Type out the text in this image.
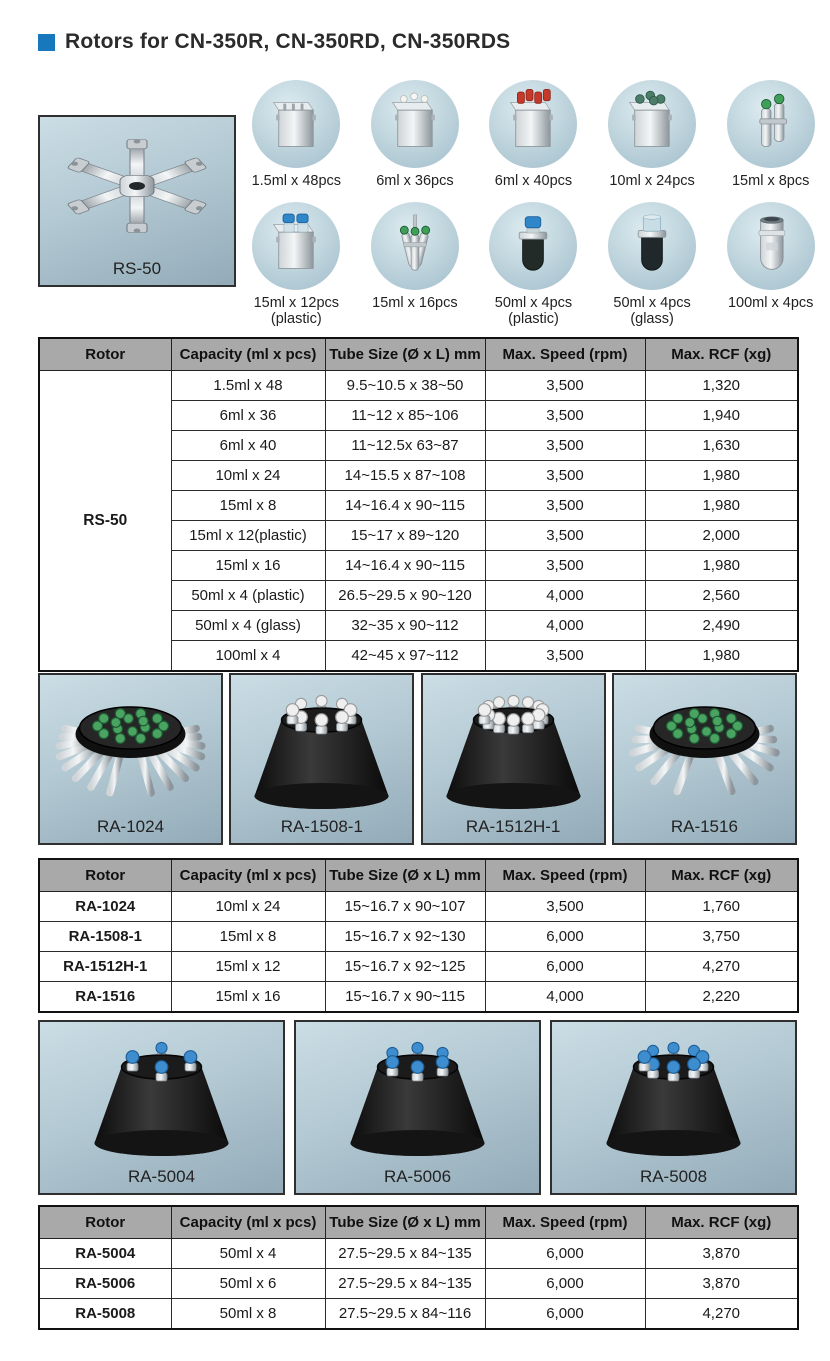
Rotors for CN-350R, CN-350RD, CN-350RDS
RS-50
1.5ml x 48pcs 6ml x 36pcs	6ml x 40pcs	10ml x 24pcs	15ml x 8pcs
15ml x 12pcs
(plastic)
15ml x 16pcs	50ml x 4pcs
(plastic)
50ml x 4pcs
(glass)
100ml x 4pcs
Rotor	Capacity (ml x pcs)	Tube Size (Ø x L) mm	Max. Speed (rpm)	Max. RCF (xg)
RS-50	1.5ml x 48	9.5~10.5 x 38~50	3,500	1,320
	6ml x 36	11~12 x 85~106	3,500	1,940
	6ml x 40	11~12.5x 63~87	3,500	1,630
	10ml x 24	14~15.5 x 87~108	3,500	1,980
	15ml x 8	14~16.4 x 90~115	3,500	1,980
	15ml x 12(plastic)	15~17 x 89~120	3,500	2,000
	15ml x 16	14~16.4 x 90~115	3,500	1,980
	50ml x 4 (plastic)	26.5~29.5 x 90~120	4,000	2,560
	50ml x 4 (glass)	32~35 x 90~112	4,000	2,490
	100ml x 4	42~45 x 97~112	3,500	1,980
RA-1024	RA-1508-1	RA-1512H-1	RA-1516
Rotor	Capacity (ml x pcs)	Tube Size (Ø x L) mm	Max. Speed (rpm)	Max. RCF (xg)
RA-1024	10ml x 24	15~16.7 x 90~107	3,500	1,760
RA-1508-1	15ml x 8	15~16.7 x 92~130	6,000	3,750
RA-1512H-1	15ml x 12	15~16.7 x 92~125	6,000	4,270
RA-1516	15ml x 16	15~16.7 x 90~115	4,000	2,220
RA-5004	RA-5006	RA-5008
Rotor	Capacity (ml x pcs)	Tube Size (Ø x L) mm	Max. Speed (rpm)	Max. RCF (xg)
RA-5004	50ml x 4	27.5~29.5 x 84~135	6,000	3,870
RA-5006	50ml x 6	27.5~29.5 x 84~135	6,000	3,870
RA-5008	50ml x 8	27.5~29.5 x 84~116	6,000	4,270
